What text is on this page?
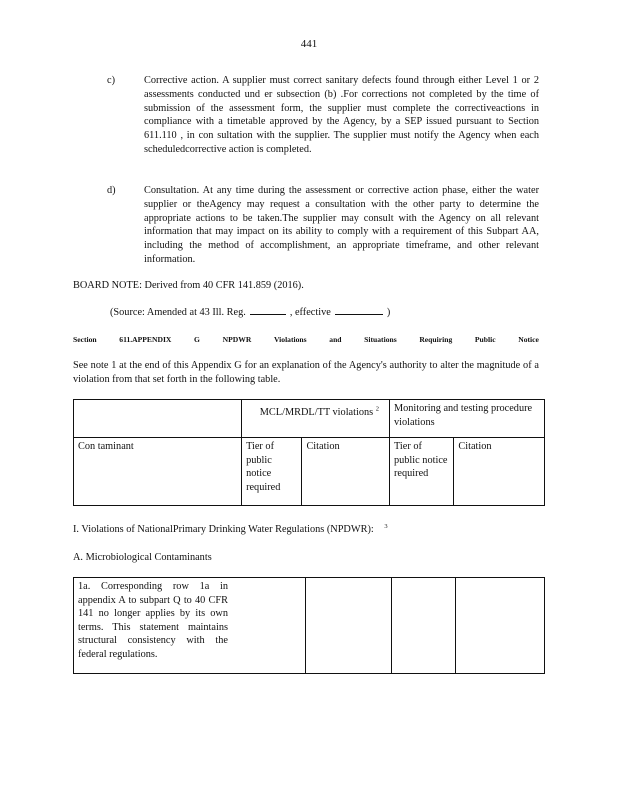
441
c)	Corrective action. A supplier must correct sanitary defects found through either Level 1 or 2 assessments conducted und er subsection (b) .For corrections not completed by the time of submission of the assessment form, the supplier must complete the correctiveactions in compliance with a timetable approved by the Agency, by a SEP issued pursuant to Section 611.110 , in con sultation with the supplier. The supplier must notify the Agency when each scheduledcorrective action is completed.
d)	Consultation. At any time during the assessment or corrective action phase, either the water supplier or theAgency may request a consultation with the other party to determine the appropriate actions to be taken.The supplier may consult with the Agency on all relevant information that may impact on its ability to comply with a requirement of this Subpart AA, including the method of accomplishment, an appropriate timeframe, and other relevant information.
BOARD NOTE: Derived from 40 CFR 141.859 (2016).
(Source: Amended at 43 Ill. Reg.	, effective	)
Section	611.APPENDIX	G	NPDWR	Violations	and	Situations	Requiring	Public	Notice
See note 1 at the end of this Appendix G for an explanation of the Agency's authority to alter the magnitude of a violation from that set forth in the following table.
	MCL/MRDL/TT violations $^2$		Monitoring and testing procedure violations	
Con taminant	Tier of public notice required	Citation	Tier of public notice required	Citation
I. Violations of NationalPrimary Drinking Water Regulations (NPDWR): $^3$
A. Microbiological Contaminants
1a. Corresponding row 1a in appendix A to subpart Q to 40 CFR 141 no longer applies by its own terms. This statement maintains structural consistency with the federal regulations.
